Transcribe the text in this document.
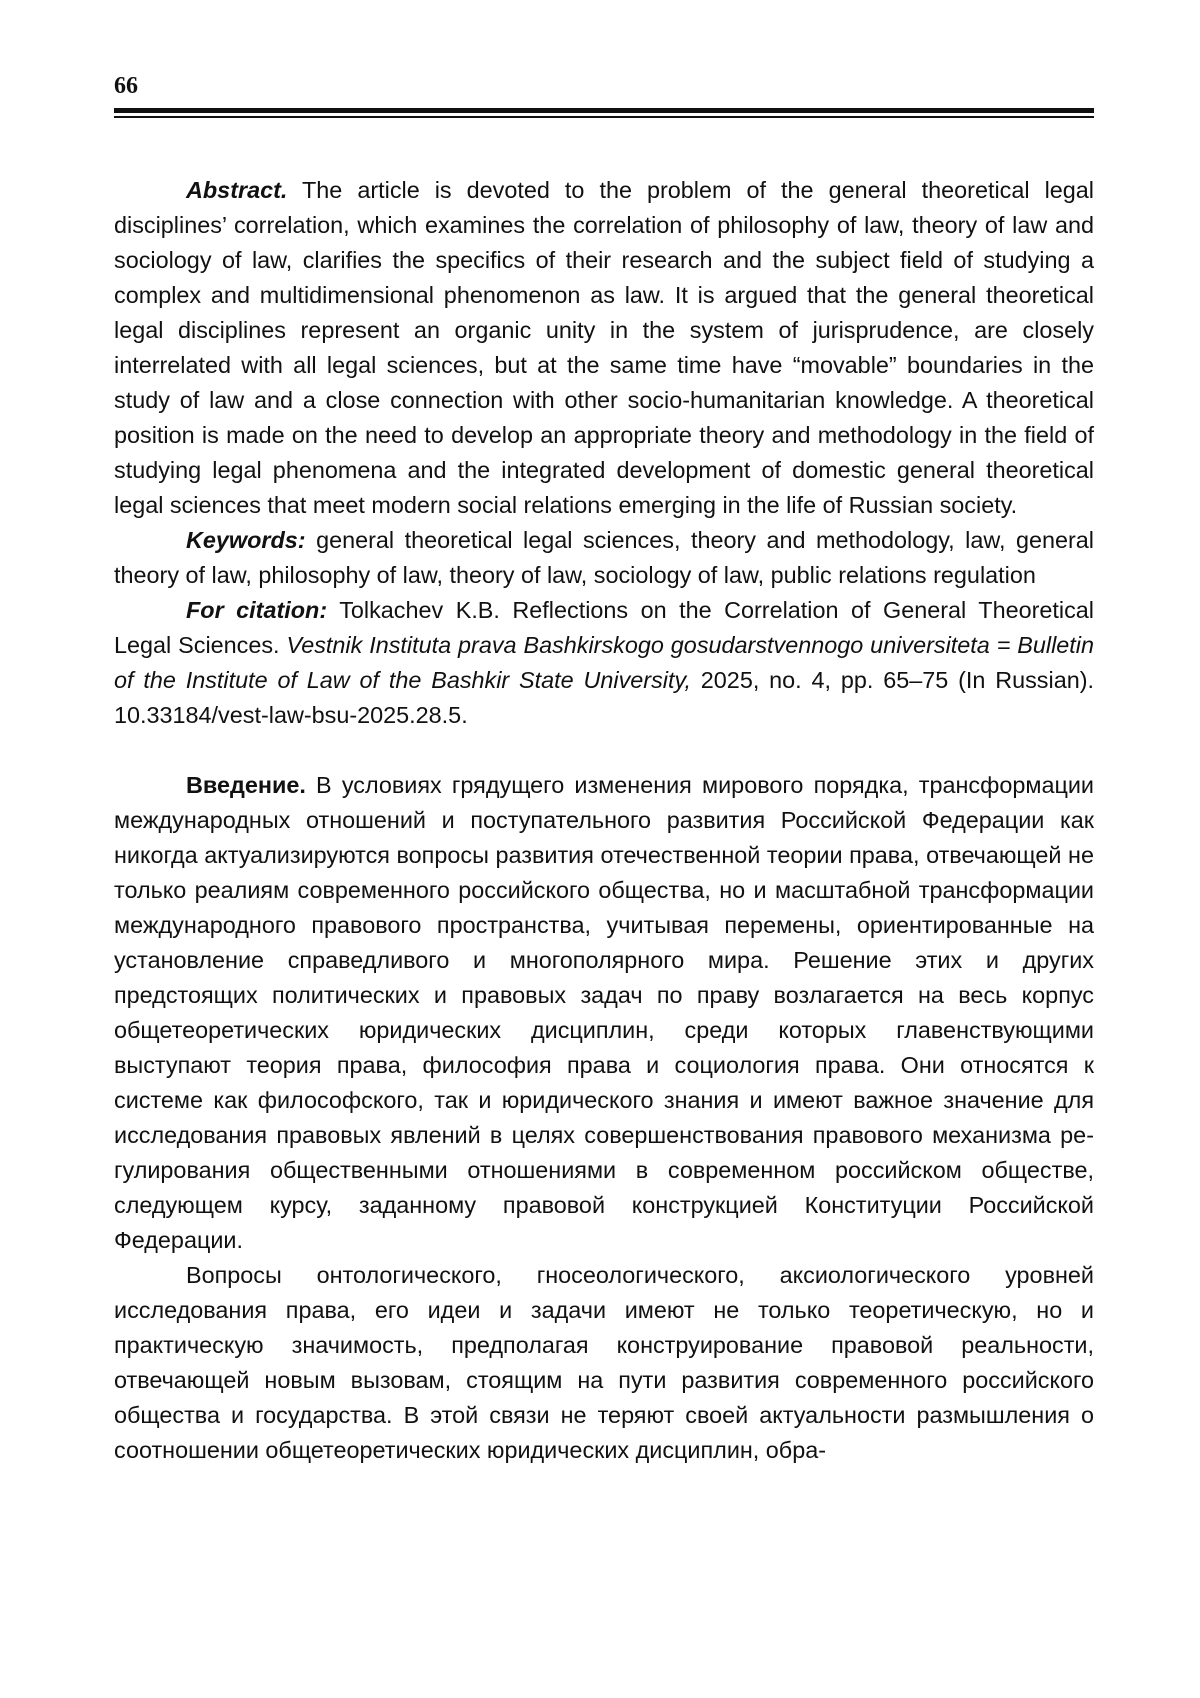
66

Abstract. The article is devoted to the problem of the general theoretical legal disciplines’ correlation, which examines the correlation of philosophy of law, theory of law and sociology of law, clarifies the specifics of their research and the subject field of studying a complex and multidimensional phenomenon as law. It is argued that the general theoretical legal disciplines represent an organic unity in the system of jurisprudence, are closely interrelated with all legal sciences, but at the same time have “movable” boundaries in the study of law and a close connection with other socio-humanitarian knowledge. A theoretical position is made on the need to develop an appropriate theory and methodology in the field of studying legal phenomena and the integrated development of domestic general theoretical legal sciences that meet modern social relations emerging in the life of Russian society.

Keywords: general theoretical legal sciences, theory and methodology, law, general theory of law, philosophy of law, theory of law, sociology of law, public relations regulation

For citation: Tolkachev K.B. Reflections on the Correlation of General Theoretical Legal Sciences. Vestnik Instituta prava Bashkirskogo gosudarstvennogo universiteta = Bulletin of the Institute of Law of the Bashkir State University, 2025, no. 4, pp. 65–75 (In Russian). 10.33184/vest-law-bsu-2025.28.5.

Введение. В условиях грядущего изменения мирового порядка, трансформации международных отношений и поступательного развития Российской Федерации как никогда актуализируются вопросы развития отечественной теории права, отвечающей не только реалиям современного российского общества, но и масштабной трансформации международного правового пространства, учитывая перемены, ориентированные на установление справедливого и многополярного мира. Решение этих и других предстоящих политических и правовых задач по праву возлагается на весь корпус общетеоретических юридических дисциплин, среди которых главенствующими выступают теория права, философия права и социология права. Они относятся к системе как философского, так и юридического знания и имеют важное значение для исследования правовых явлений в целях совершенствования правового механизма регулирования общественными отношениями в современном российском обществе, следующем курсу, заданному правовой конструкцией Конституции Российской Федерации.

Вопросы онтологического, гносеологического, аксиологического уровней исследования права, его идеи и задачи имеют не только теоретическую, но и практическую значимость, предполагая конструирование правовой реальности, отвечающей новым вызовам, стоящим на пути развития современного российского общества и государства. В этой связи не теряют своей актуальности размышления о соотношении общетеоретических юридических дисциплин, обра-
